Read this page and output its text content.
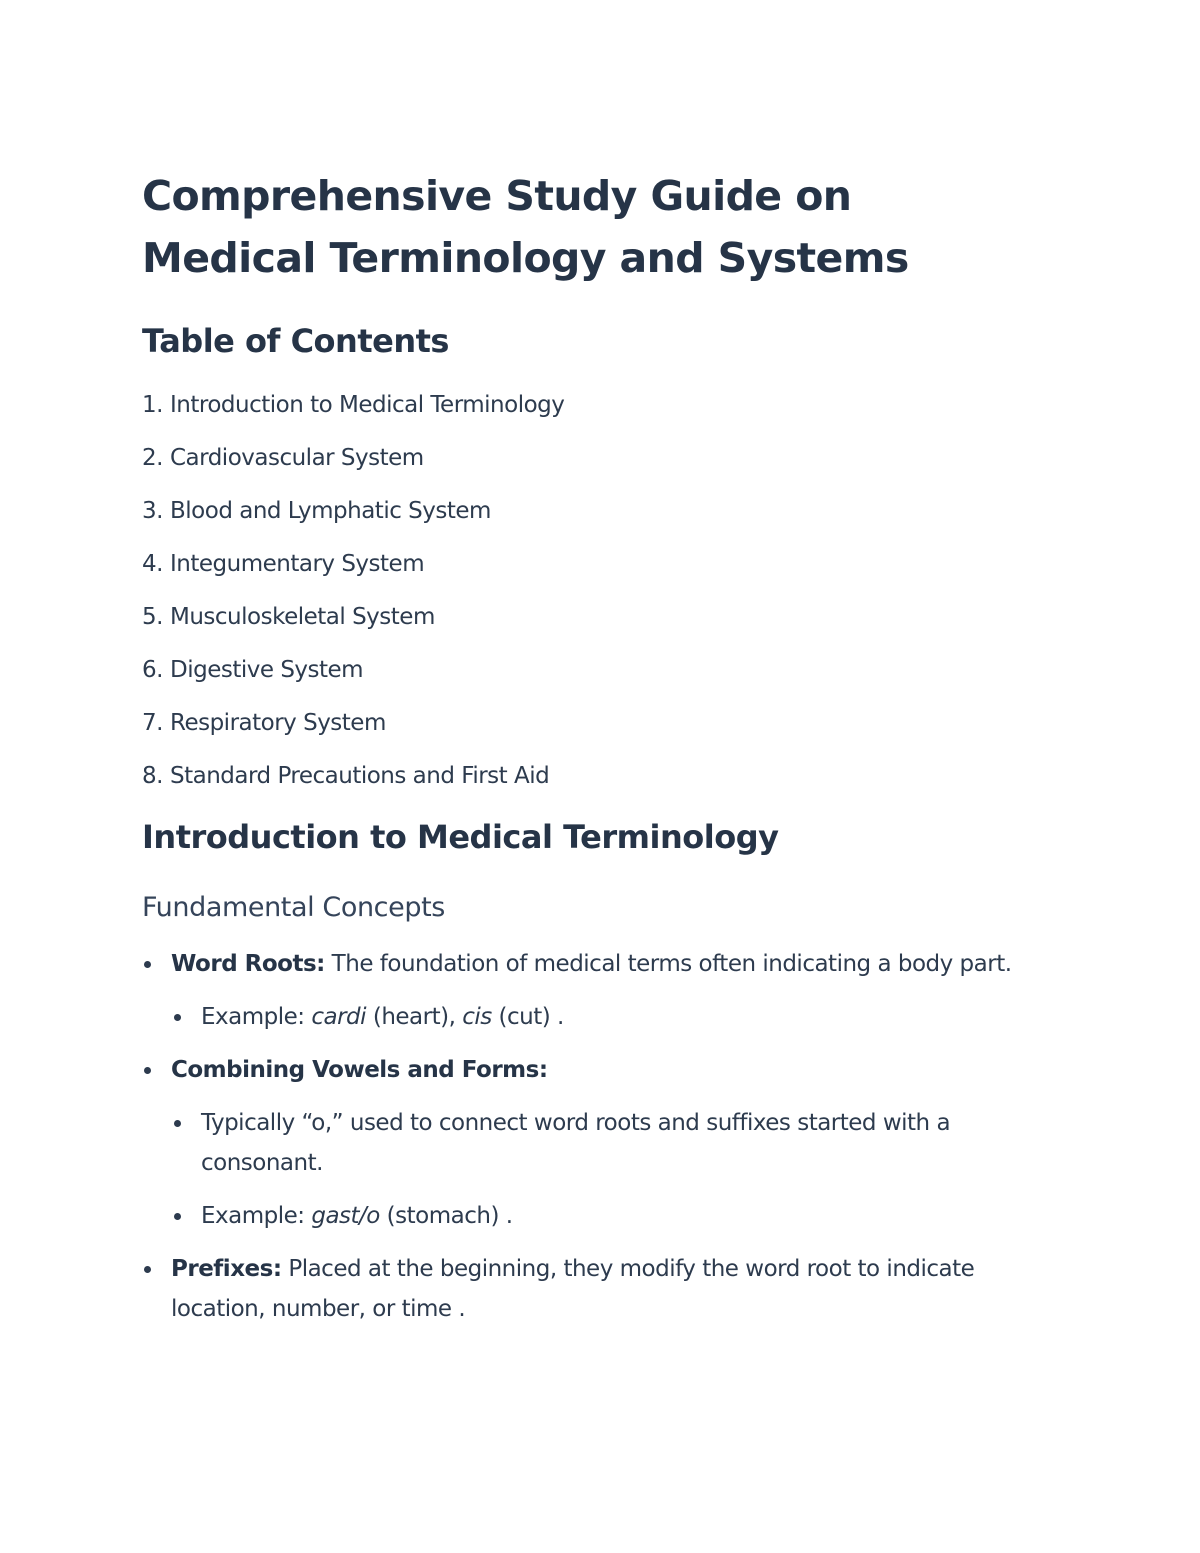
Comprehensive Study Guide on
Medical Terminology and Systems
Table of Contents
1. Introduction to Medical Terminology
2. Cardiovascular System
3. Blood and Lymphatic System
4. Integumentary System
5. Musculoskeletal System
6. Digestive System
7. Respiratory System
8. Standard Precautions and First Aid
Introduction to Medical Terminology
Fundamental Concepts
Word Roots: The foundation of medical terms often indicating a body part.
Example: cardi (heart), cis (cut) .
Combining Vowels and Forms:
Typically “o,” used to connect word roots and suffixes started with a consonant.
Example: gast/o (stomach) .
Prefixes: Placed at the beginning, they modify the word root to indicate location, number, or time .
